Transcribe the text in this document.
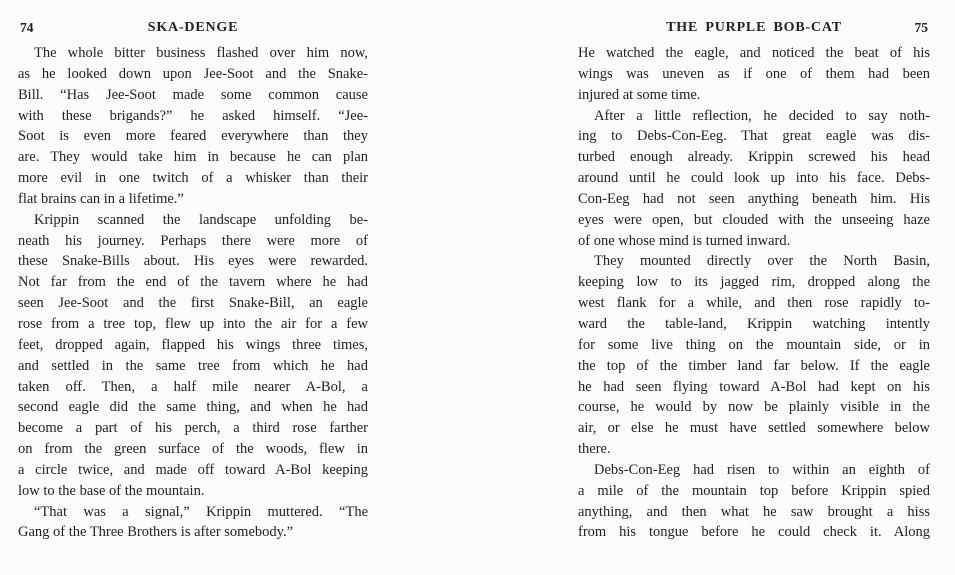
74	SKA-DENGE
The whole bitter business flashed over him now,
as he looked down upon Jee-Soot and the Snake-
Bill. “Has Jee-Soot made some common cause
with these brigands?” he asked himself. “Jee-
Soot is even more feared everywhere than they
are. They would take him in because he can plan
more evil in one twitch of a whisker than their
flat brains can in a lifetime.”
Krippin scanned the landscape unfolding be-
neath his journey. Perhaps there were more of
these Snake-Bills about. His eyes were rewarded.
Not far from the end of the tavern where he had
seen Jee-Soot and the first Snake-Bill, an eagle
rose from a tree top, flew up into the air for a few
feet, dropped again, flapped his wings three times,
and settled in the same tree from which he had
taken off. Then, a half mile nearer A-Bol, a
second eagle did the same thing, and when he had
become a part of his perch, a third rose farther
on from the green surface of the woods, flew in
a circle twice, and made off toward A-Bol keeping
low to the base of the mountain.
“That was a signal,” Krippin muttered. “The
Gang of the Three Brothers is after somebody.”
THE PURPLE BOB-CAT	75
He watched the eagle, and noticed the beat of his
wings was uneven as if one of them had been
injured at some time.
After a little reflection, he decided to say noth-
ing to Debs-Con-Eeg. That great eagle was dis-
turbed enough already. Krippin screwed his head
around until he could look up into his face. Debs-
Con-Eeg had not seen anything beneath him. His
eyes were open, but clouded with the unseeing haze
of one whose mind is turned inward.
They mounted directly over the North Basin,
keeping low to its jagged rim, dropped along the
west flank for a while, and then rose rapidly to-
ward the table-land, Krippin watching intently
for some live thing on the mountain side, or in
the top of the timber land far below. If the eagle
he had seen flying toward A-Bol had kept on his
course, he would by now be plainly visible in the
air, or else he must have settled somewhere below
there.
Debs-Con-Eeg had risen to within an eighth of
a mile of the mountain top before Krippin spied
anything, and then what he saw brought a hiss
from his tongue before he could check it. Along
